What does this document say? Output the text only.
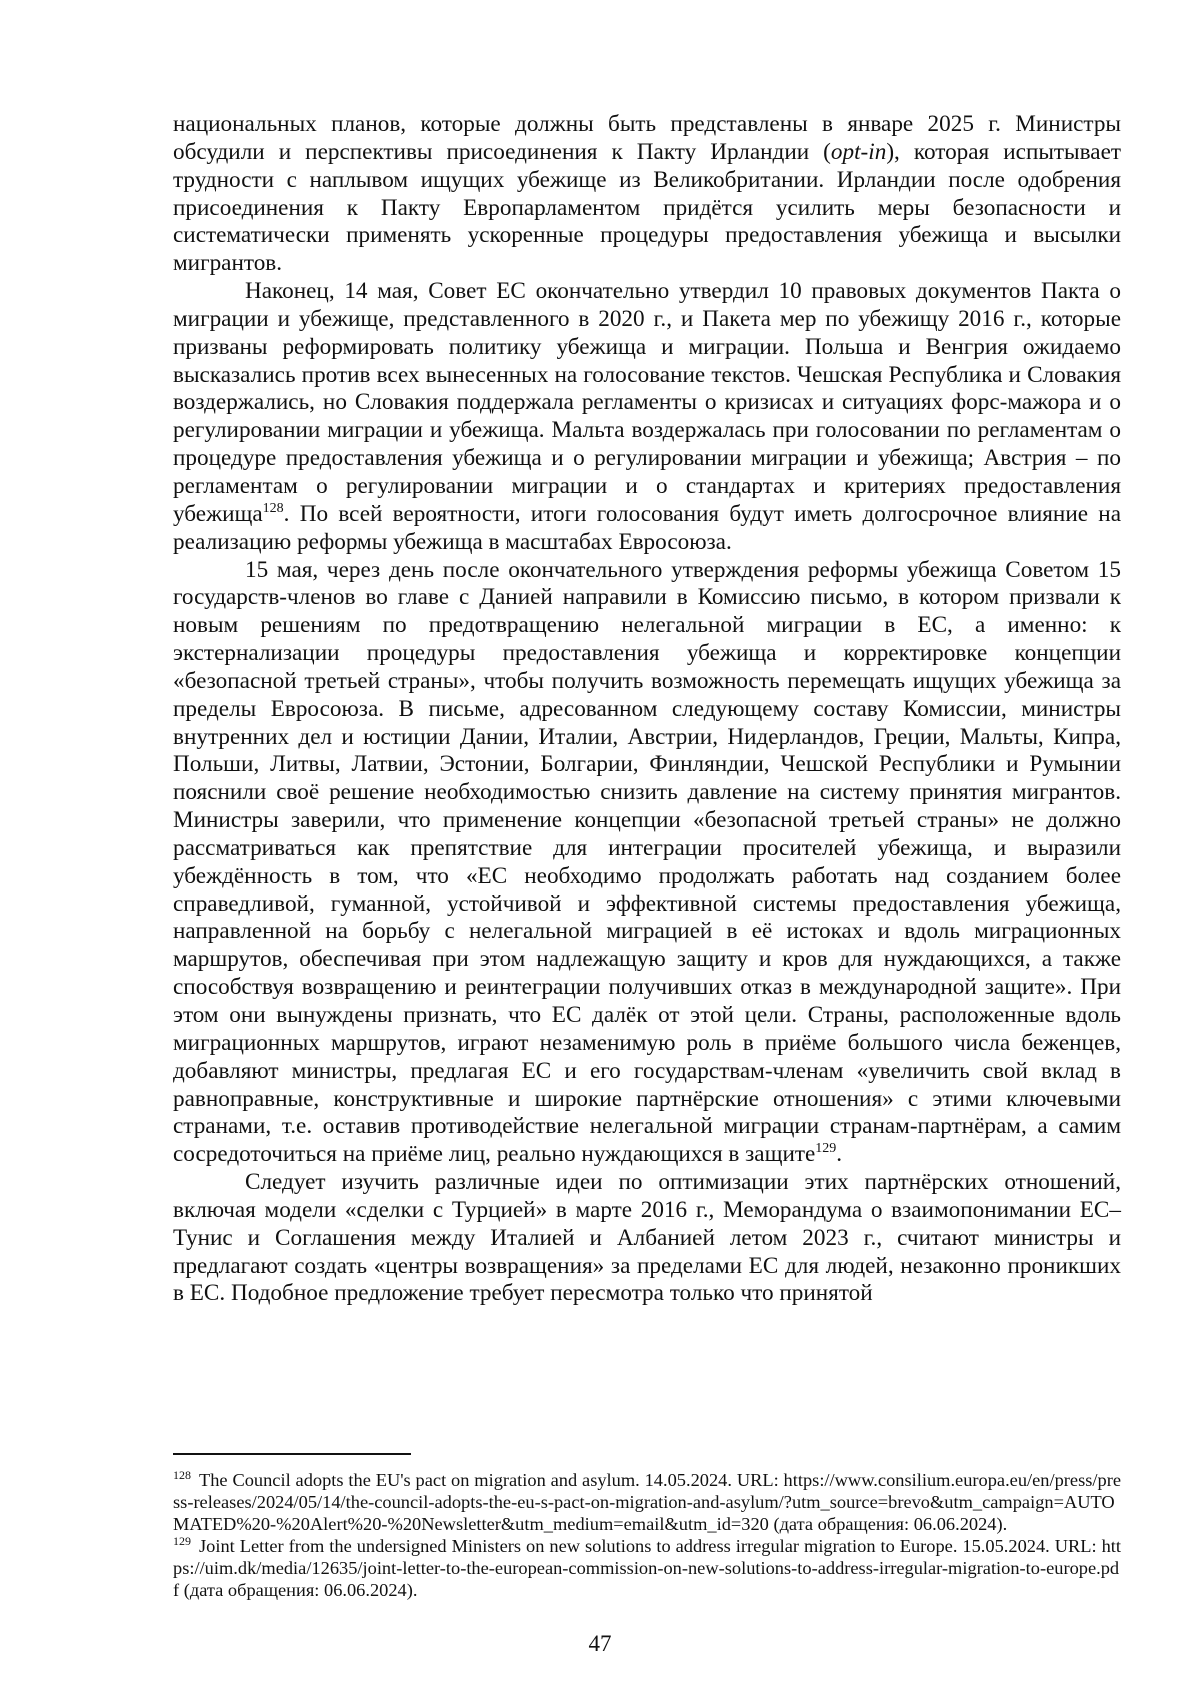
национальных планов, которые должны быть представлены в январе 2025 г. Министры обсудили и перспективы присоединения к Пакту Ирландии (opt-in), которая испытывает трудности с наплывом ищущих убежище из Великобритании. Ирландии после одобрения присоединения к Пакту Европарламентом придётся усилить меры безопасности и систематически применять ускоренные процедуры предоставления убежища и высылки мигрантов.

Наконец, 14 мая, Совет ЕС окончательно утвердил 10 правовых документов Пакта о миграции и убежище, представленного в 2020 г., и Пакета мер по убежищу 2016 г., которые призваны реформировать политику убежища и миграции. Польша и Венгрия ожидаемо высказались против всех вынесенных на голосование текстов. Чешская Республика и Словакия воздержались, но Словакия поддержала регламенты о кризисах и ситуациях форс-мажора и о регулировании миграции и убежища. Мальта воздержалась при голосовании по регламентам о процедуре предоставления убежища и о регулировании миграции и убежища; Австрия – по регламентам о регулировании миграции и о стандартах и критериях предоставления убежища$^{128}$. По всей вероятности, итоги голосования будут иметь долгосрочное влияние на реализацию реформы убежища в масштабах Евросоюза.

15 мая, через день после окончательного утверждения реформы убежища Советом 15 государств-членов во главе с Данией направили в Комиссию письмо, в котором призвали к новым решениям по предотвращению нелегальной миграции в ЕС, а именно: к экстернализации процедуры предоставления убежища и корректировке концепции «безопасной третьей страны», чтобы получить возможность перемещать ищущих убежища за пределы Евросоюза. В письме, адресованном следующему составу Комиссии, министры внутренних дел и юстиции Дании, Италии, Австрии, Нидерландов, Греции, Мальты, Кипра, Польши, Литвы, Латвии, Эстонии, Болгарии, Финляндии, Чешской Республики и Румынии пояснили своё решение необходимостью снизить давление на систему принятия мигрантов. Министры заверили, что применение концепции «безопасной третьей страны» не должно рассматриваться как препятствие для интеграции просителей убежища, и выразили убеждённость в том, что «ЕС необходимо продолжать работать над созданием более справедливой, гуманной, устойчивой и эффективной системы предоставления убежища, направленной на борьбу с нелегальной миграцией в её истоках и вдоль миграционных маршрутов, обеспечивая при этом надлежащую защиту и кров для нуждающихся, а также способствуя возвращению и реинтеграции получивших отказ в международной защите». При этом они вынуждены признать, что ЕС далёк от этой цели. Страны, расположенные вдоль миграционных маршрутов, играют незаменимую роль в приёме большого числа беженцев, добавляют министры, предлагая ЕС и его государствам-членам «увеличить свой вклад в равноправные, конструктивные и широкие партнёрские отношения» с этими ключевыми странами, т.е. оставив противодействие нелегальной миграции странам-партнёрам, а самим сосредоточиться на приёме лиц, реально нуждающихся в защите$^{129}$.

Следует изучить различные идеи по оптимизации этих партнёрских отношений, включая модели «сделки с Турцией» в марте 2016 г., Меморандума о взаимопонимании ЕС–Тунис и Соглашения между Италией и Албанией летом 2023 г., считают министры и предлагают создать «центры возвращения» за пределами ЕС для людей, незаконно проникших в ЕС. Подобное предложение требует пересмотра только что принятой

$^{128}$ The Council adopts the EU's pact on migration and asylum. 14.05.2024. URL: https://www.consilium.europa.eu/en/press/press-releases/2024/05/14/the-council-adopts-the-eu-s-pact-on-migration-and-asylum/?utm_source=brevo&utm_campaign=AUTOMATED%20-%20Alert%20-%20Newsletter&utm_medium=email&utm_id=320 (дата обращения: 06.06.2024).

$^{129}$ Joint Letter from the undersigned Ministers on new solutions to address irregular migration to Europe. 15.05.2024. URL: https://uim.dk/media/12635/joint-letter-to-the-european-commission-on-new-solutions-to-address-irregular-migration-to-europe.pdf (дата обращения: 06.06.2024).

47
